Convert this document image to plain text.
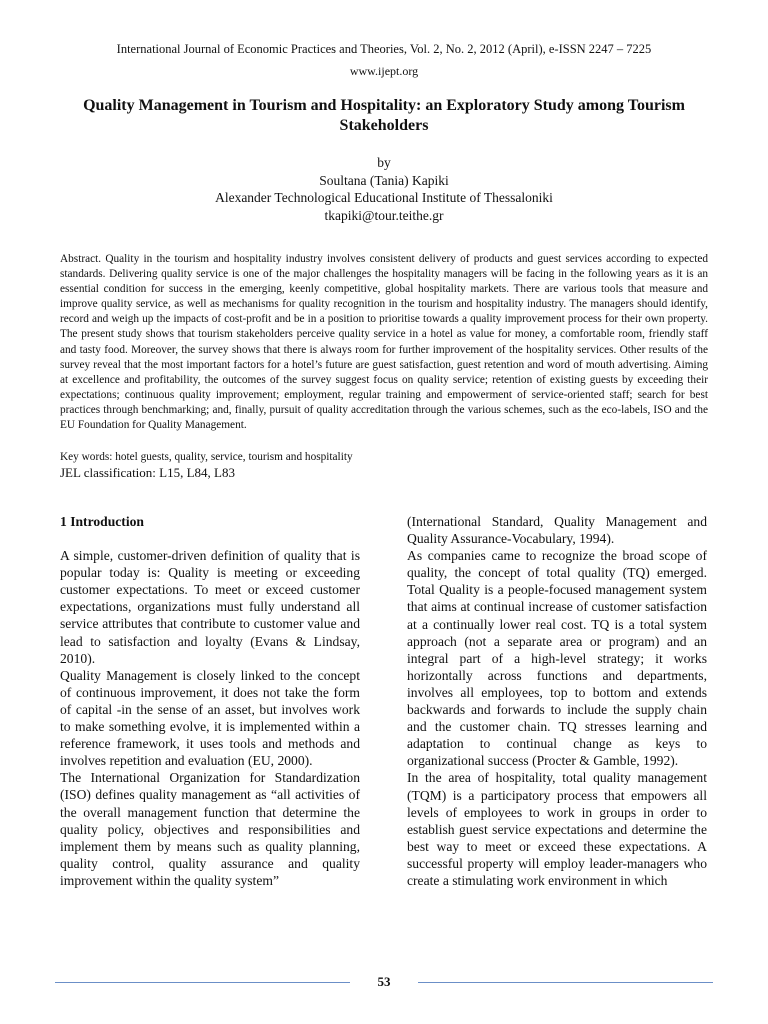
International Journal of Economic Practices and Theories, Vol. 2, No. 2, 2012 (April), e-ISSN 2247 – 7225
www.ijept.org
Quality Management in Tourism and Hospitality: an Exploratory Study among Tourism Stakeholders
by
Soultana (Tania) Kapiki
Alexander Technological Educational Institute of Thessaloniki
tkapiki@tour.teithe.gr
Abstract. Quality in the tourism and hospitality industry involves consistent delivery of products and guest services according to expected standards. Delivering quality service is one of the major challenges the hospitality managers will be facing in the following years as it is an essential condition for success in the emerging, keenly competitive, global hospitality markets. There are various tools that measure and improve quality service, as well as mechanisms for quality recognition in the tourism and hospitality industry. The managers should identify, record and weigh up the impacts of cost-profit and be in a position to prioritise towards a quality improvement process for their own property. The present study shows that tourism stakeholders perceive quality service in a hotel as value for money, a comfortable room, friendly staff and tasty food. Moreover, the survey shows that there is always room for further improvement of the hospitality services. Other results of the survey reveal that the most important factors for a hotel’s future are guest satisfaction, guest retention and word of mouth advertising. Aiming at excellence and profitability, the outcomes of the survey suggest focus on quality service; retention of existing guests by exceeding their expectations; continuous quality improvement; employment, regular training and empowerment of service-oriented staff; search for best practices through benchmarking; and, finally, pursuit of quality accreditation through the various schemes, such as the eco-labels, ISO and the EU Foundation for Quality Management.
Key words: hotel guests, quality, service, tourism and hospitality
JEL classification: L15, L84, L83
1 Introduction

A simple, customer-driven definition of quality that is popular today is: Quality is meeting or exceeding customer expectations. To meet or exceed customer expectations, organizations must fully understand all service attributes that contribute to customer value and lead to satisfaction and loyalty (Evans & Lindsay, 2010).

Quality Management is closely linked to the concept of continuous improvement, it does not take the form of capital -in the sense of an asset, but involves work to make something evolve, it is implemented within a reference framework, it uses tools and methods and involves repetition and evaluation (EU, 2000).

The International Organization for Standardization (ISO) defines quality management as “all activities of the overall management function that determine the quality policy, objectives and responsibilities and implement them by means such as quality planning, quality control, quality assurance and quality improvement within the quality system”

(International Standard, Quality Management and Quality Assurance-Vocabulary, 1994).

As companies came to recognize the broad scope of quality, the concept of total quality (TQ) emerged. Total Quality is a people-focused management system that aims at continual increase of customer satisfaction at a continually lower real cost. TQ is a total system approach (not a separate area or program) and an integral part of a high-level strategy; it works horizontally across functions and departments, involves all employees, top to bottom and extends backwards and forwards to include the supply chain and the customer chain. TQ stresses learning and adaptation to continual change as keys to organizational success (Procter & Gamble, 1992).

In the area of hospitality, total quality management (TQM) is a participatory process that empowers all levels of employees to work in groups in order to establish guest service expectations and determine the best way to meet or exceed these expectations. A successful property will employ leader-managers who create a stimulating work environment in which

53
